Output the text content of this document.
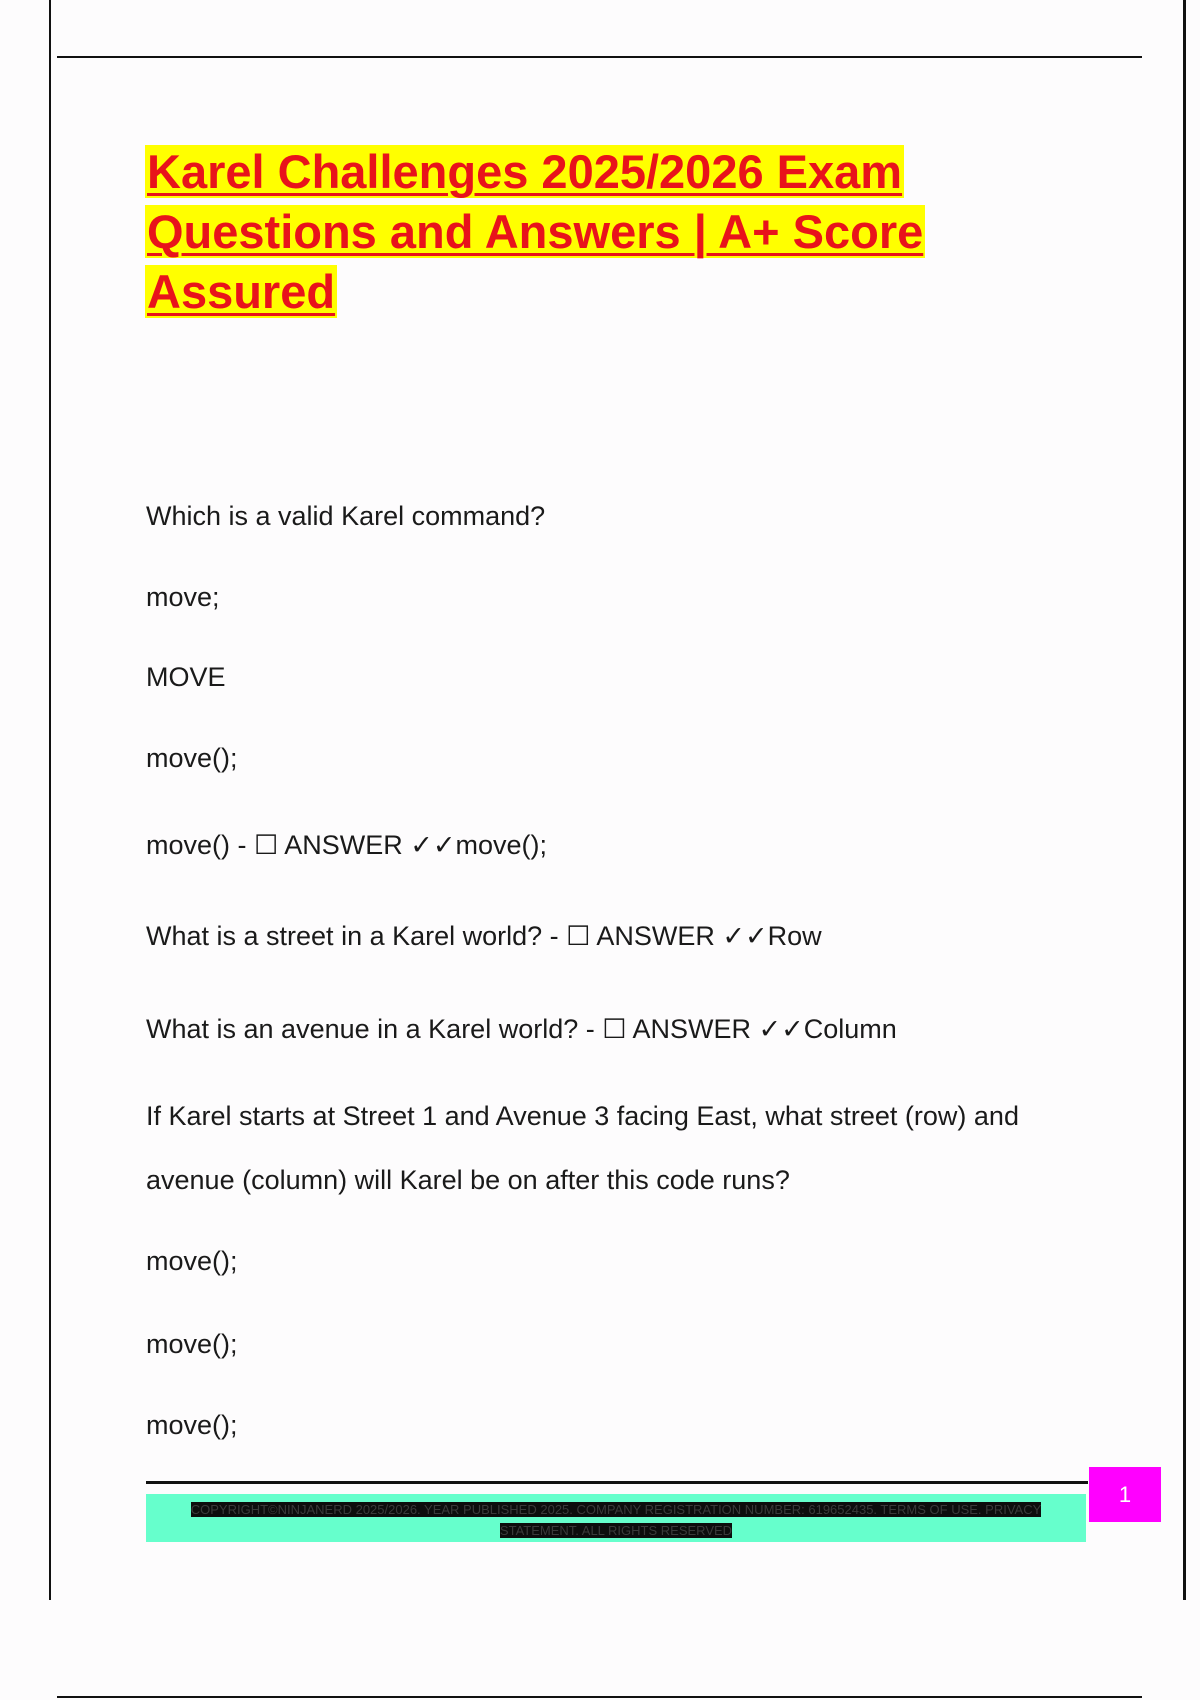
Karel Challenges 2025/2026 Exam Questions and Answers | A+ Score Assured

Which is a valid Karel command?

move;

MOVE

move();

move() - ☐ ANSWER ✓✓move();

What is a street in a Karel world? - ☐ ANSWER ✓✓Row

What is an avenue in a Karel world? - ☐ ANSWER ✓✓Column

If Karel starts at Street 1 and Avenue 3 facing East, what street (row) and

avenue (column) will Karel be on after this code runs?

move();

move();

move();

COPYRIGHT©NINJANERD 2025/2026. YEAR PUBLISHED 2025. COMPANY REGISTRATION NUMBER: 619652435. TERMS OF USE. PRIVACY STATEMENT. ALL RIGHTS RESERVED
1
